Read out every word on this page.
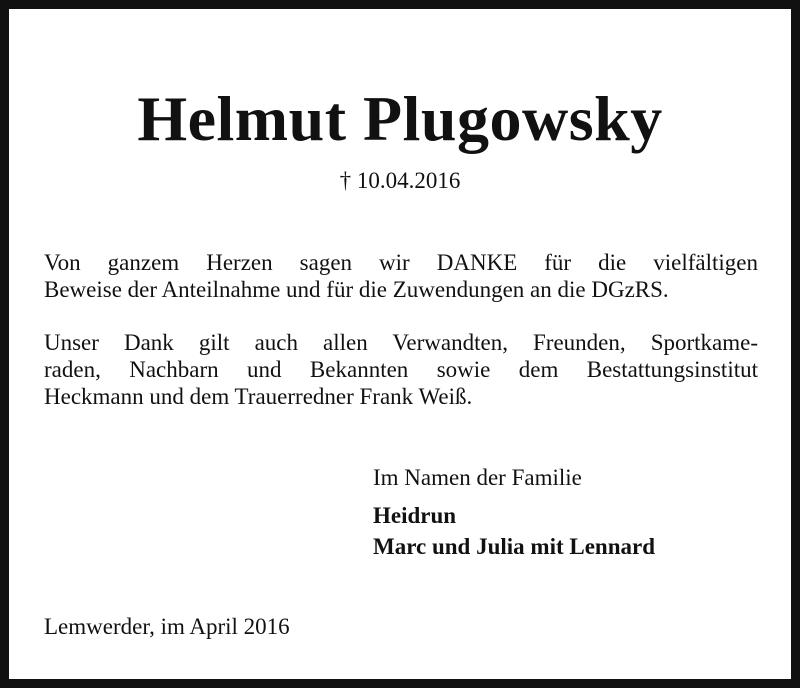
Helmut Plugowsky
† 10.04.2016
Von ganzem Herzen sagen wir DANKE für die vielfältigen
Beweise der Anteilnahme und für die Zuwendungen an die DGzRS.
Unser Dank gilt auch allen Verwandten, Freunden, Sportkame-
raden, Nachbarn und Bekannten sowie dem Bestattungsinstitut
Heckmann und dem Trauerredner Frank Weiß.
Im Namen der Familie
Heidrun
Marc und Julia mit Lennard
Lemwerder, im April 2016
